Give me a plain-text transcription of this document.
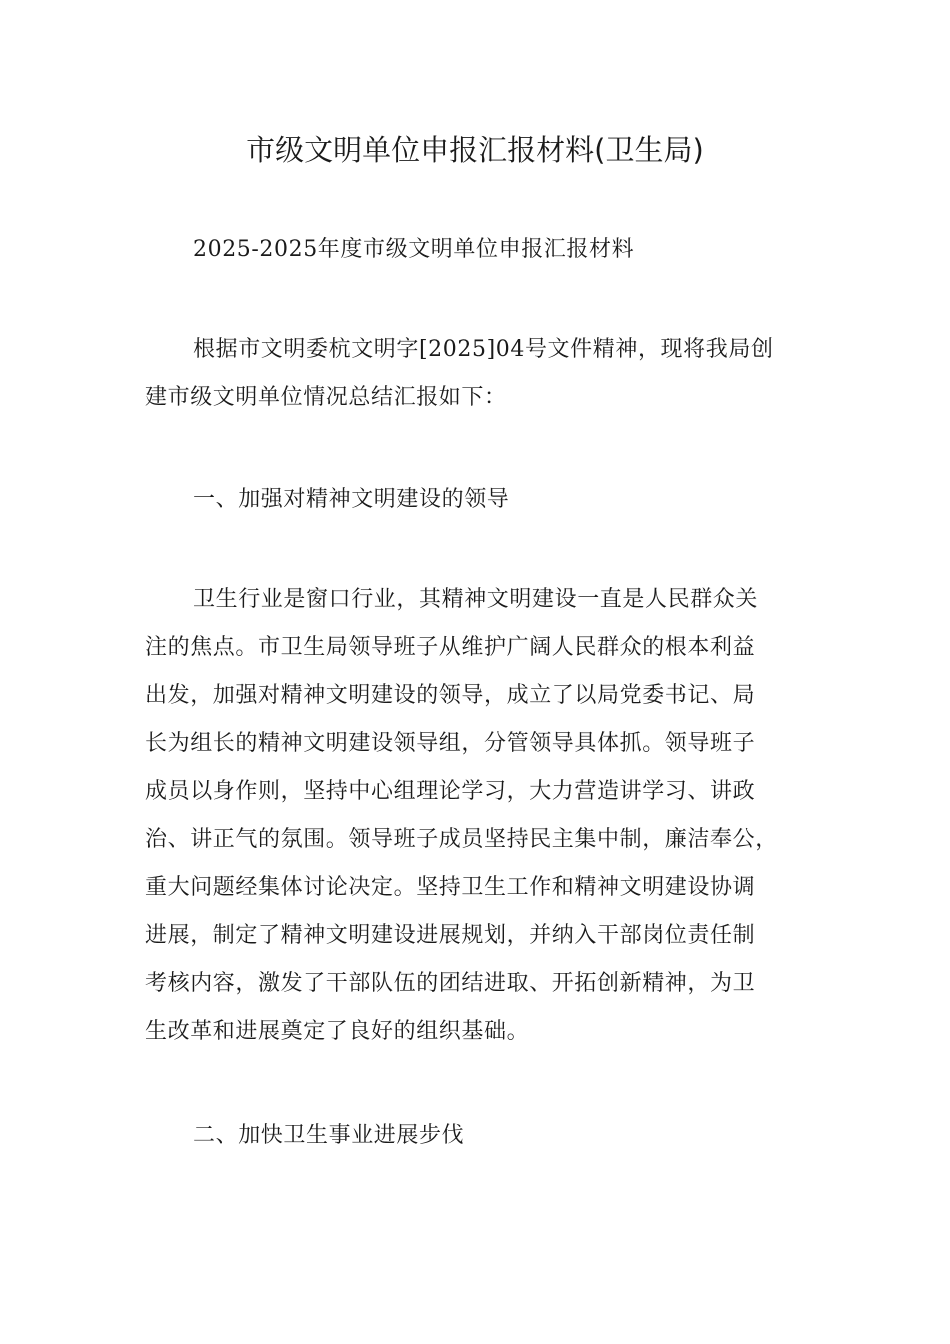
市级文明单位申报汇报材料(卫生局)

2025-2025年度市级文明单位申报汇报材料

根据市文明委杭文明字[2025]04号文件精神，现将我局创
建市级文明单位情况总结汇报如下：

一、加强对精神文明建设的领导

卫生行业是窗口行业，其精神文明建设一直是人民群众关
注的焦点。市卫生局领导班子从维护广阔人民群众的根本利益
出发，加强对精神文明建设的领导，成立了以局党委书记、局
长为组长的精神文明建设领导组，分管领导具体抓。领导班子
成员以身作则，坚持中心组理论学习，大力营造讲学习、讲政
治、讲正气的氛围。领导班子成员坚持民主集中制，廉洁奉公，
重大问题经集体讨论决定。坚持卫生工作和精神文明建设协调
进展，制定了精神文明建设进展规划，并纳入干部岗位责任制
考核内容，激发了干部队伍的团结进取、开拓创新精神，为卫
生改革和进展奠定了良好的组织基础。

二、加快卫生事业进展步伐
